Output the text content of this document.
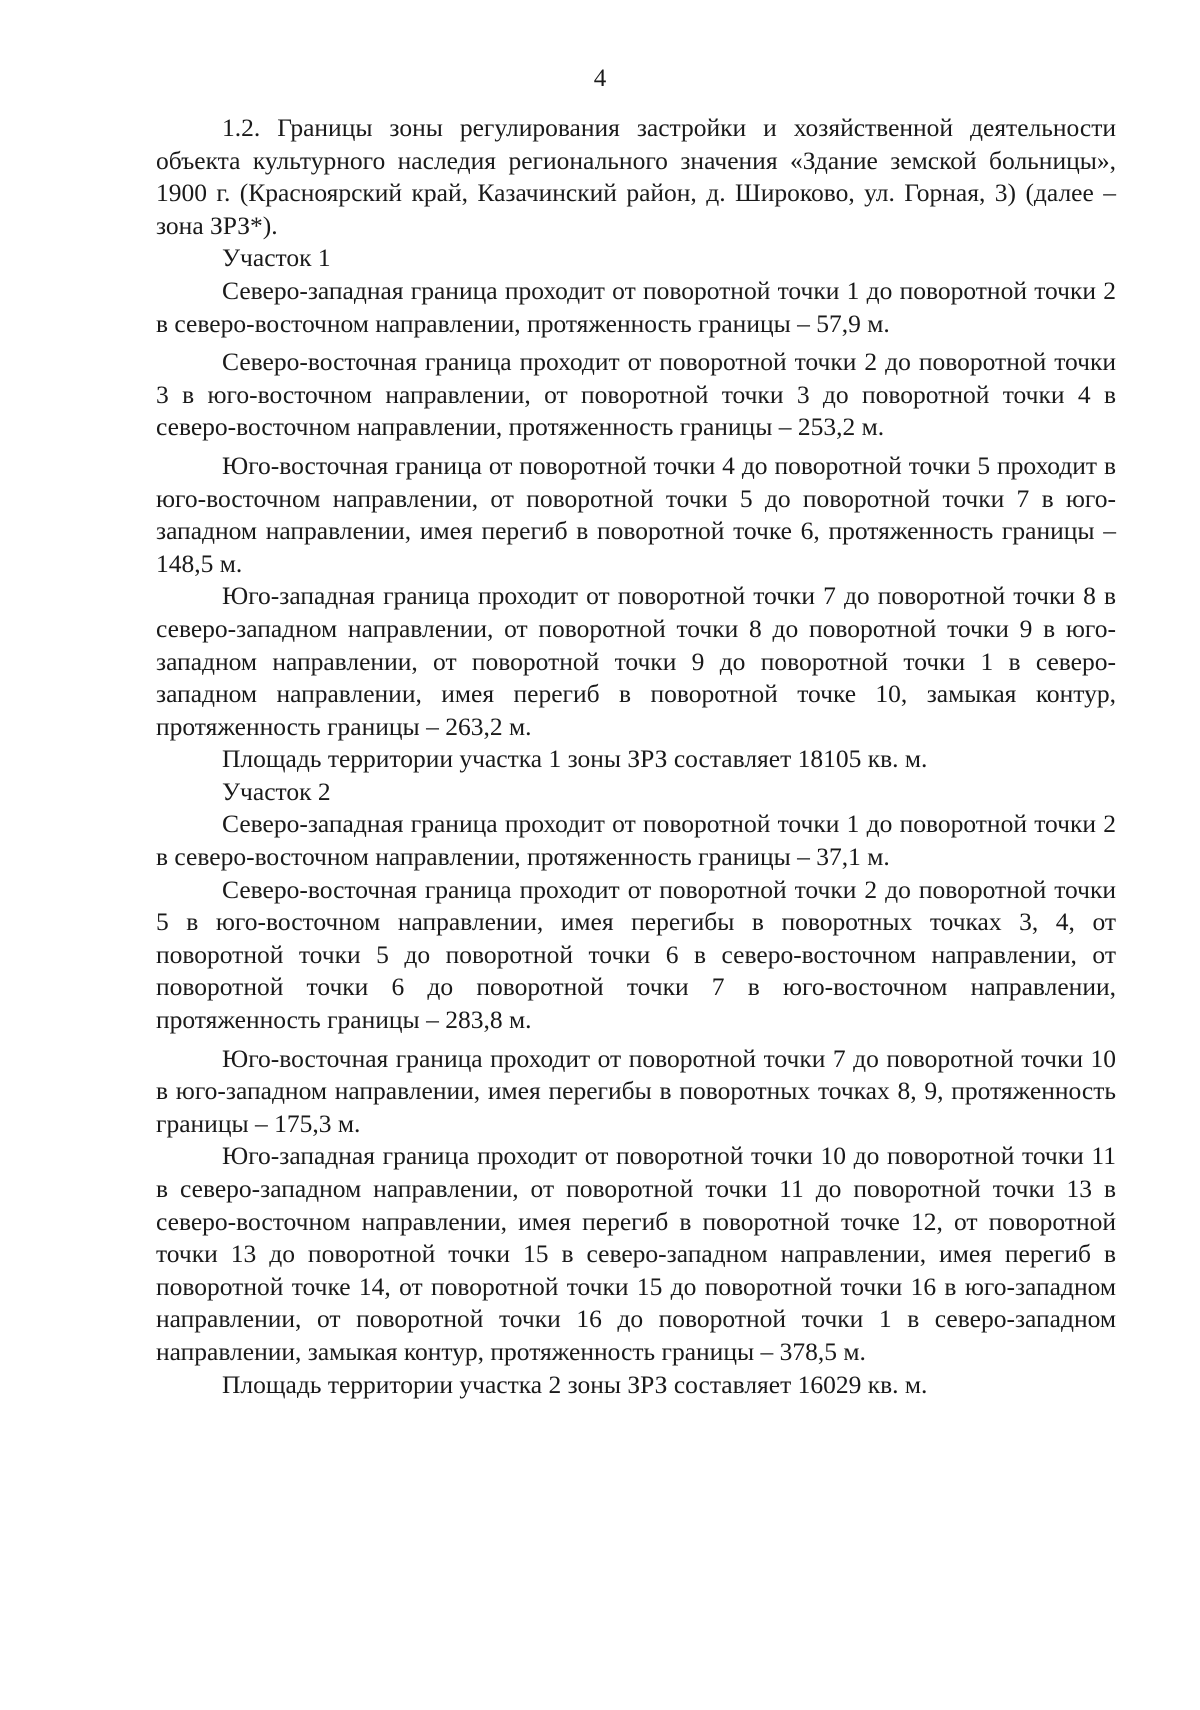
4

1.2. Границы зоны регулирования застройки и хозяйственной деятельности объекта культурного наследия регионального значения «Здание земской больницы», 1900 г. (Красноярский край, Казачинский район, д. Широково, ул. Горная, 3) (далее – зона ЗРЗ*).

Участок 1

Северо-западная граница проходит от поворотной точки 1 до поворотной точки 2 в северо-восточном направлении, протяженность границы – 57,9 м.

Северо-восточная граница проходит от поворотной точки 2 до поворотной точки 3 в юго-восточном направлении, от поворотной точки 3 до поворотной точки 4 в северо-восточном направлении, протяженность границы – 253,2 м.

Юго-восточная граница от поворотной точки 4 до поворотной точки 5 проходит в юго-восточном направлении, от поворотной точки 5 до поворотной точки 7 в юго-западном направлении, имея перегиб в поворотной точке 6, протяженность границы – 148,5 м.

Юго-западная граница проходит от поворотной точки 7 до поворотной точки 8 в северо-западном направлении, от поворотной точки 8 до поворотной точки 9 в юго-западном направлении, от поворотной точки 9 до поворотной точки 1 в северо-западном направлении, имея перегиб в поворотной точке 10, замыкая контур, протяженность границы – 263,2 м.

Площадь территории участка 1 зоны ЗРЗ составляет 18105 кв. м.

Участок 2

Северо-западная граница проходит от поворотной точки 1 до поворотной точки 2 в северо-восточном направлении, протяженность границы – 37,1 м.

Северо-восточная граница проходит от поворотной точки 2 до поворотной точки 5 в юго-восточном направлении, имея перегибы в поворотных точках 3, 4, от поворотной точки 5 до поворотной точки 6 в северо-восточном направлении, от поворотной точки 6 до поворотной точки 7 в юго-восточном направлении, протяженность границы – 283,8 м.

Юго-восточная граница проходит от поворотной точки 7 до поворотной точки 10 в юго-западном направлении, имея перегибы в поворотных точках 8, 9, протяженность границы – 175,3 м.

Юго-западная граница проходит от поворотной точки 10 до поворотной точки 11 в северо-западном направлении, от поворотной точки 11 до поворотной точки 13 в северо-восточном направлении, имея перегиб в поворотной точке 12, от поворотной точки 13 до поворотной точки 15 в северо-западном направлении, имея перегиб в поворотной точке 14, от поворотной точки 15 до поворотной точки 16 в юго-западном направлении, от поворотной точки 16 до поворотной точки 1 в северо-западном направлении, замыкая контур, протяженность границы – 378,5 м.

Площадь территории участка 2 зоны ЗРЗ составляет 16029 кв. м.
